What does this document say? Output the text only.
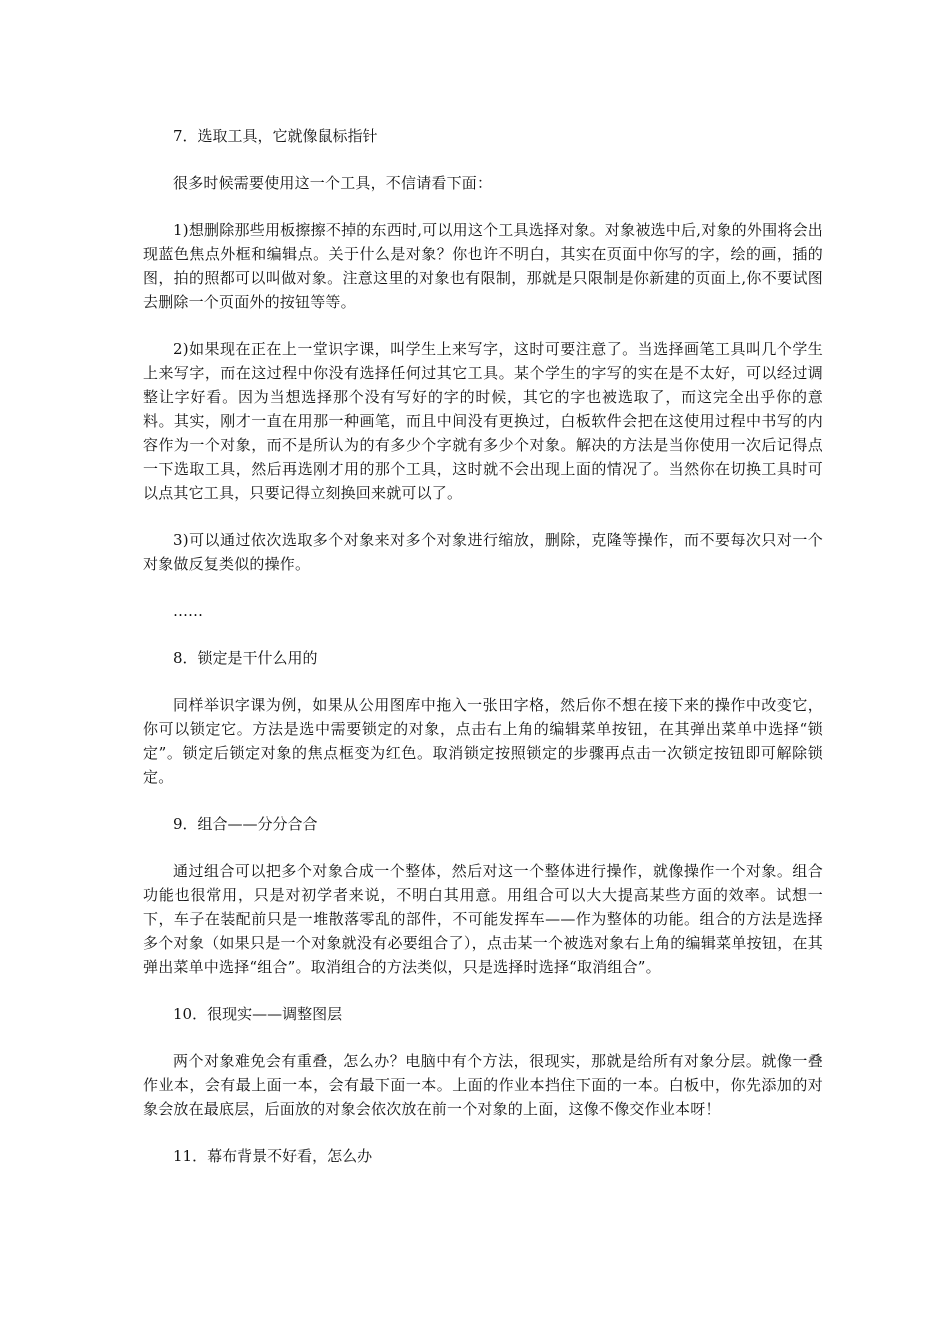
7．选取工具，它就像鼠标指针

很多时候需要使用这一个工具，不信请看下面：

1)想删除那些用板擦擦不掉的东西时,可以用这个工具选择对象。对象被选中后,对象的外围将会出现蓝色焦点外框和编辑点。关于什么是对象？你也许不明白，其实在页面中你写的字，绘的画，插的图，拍的照都可以叫做对象。注意这里的对象也有限制，那就是只限制是你新建的页面上,你不要试图去删除一个页面外的按钮等等。

2)如果现在正在上一堂识字课，叫学生上来写字，这时可要注意了。当选择画笔工具叫几个学生上来写字，而在这过程中你没有选择任何过其它工具。某个学生的字写的实在是不太好，可以经过调整让字好看。因为当想选择那个没有写好的字的时候，其它的字也被选取了，而这完全出乎你的意料。其实，刚才一直在用那一种画笔，而且中间没有更换过，白板软件会把在这使用过程中书写的内容作为一个对象，而不是所认为的有多少个字就有多少个对象。解决的方法是当你使用一次后记得点一下选取工具，然后再选刚才用的那个工具，这时就不会出现上面的情况了。当然你在切换工具时可以点其它工具，只要记得立刻换回来就可以了。

3)可以通过依次选取多个对象来对多个对象进行缩放，删除，克隆等操作，而不要每次只对一个对象做反复类似的操作。

……

8．锁定是干什么用的

同样举识字课为例，如果从公用图库中拖入一张田字格，然后你不想在接下来的操作中改变它，你可以锁定它。方法是选中需要锁定的对象，点击右上角的编辑菜单按钮，在其弹出菜单中选择“锁定”。锁定后锁定对象的焦点框变为红色。取消锁定按照锁定的步骤再点击一次锁定按钮即可解除锁定。

9．组合——分分合合

通过组合可以把多个对象合成一个整体，然后对这一个整体进行操作，就像操作一个对象。组合功能也很常用，只是对初学者来说，不明白其用意。用组合可以大大提高某些方面的效率。试想一下，车子在装配前只是一堆散落零乱的部件，不可能发挥车——作为整体的功能。组合的方法是选择多个对象（如果只是一个对象就没有必要组合了），点击某一个被选对象右上角的编辑菜单按钮，在其弹出菜单中选择“组合”。取消组合的方法类似，只是选择时选择“取消组合”。

10．很现实——调整图层

两个对象难免会有重叠，怎么办？电脑中有个方法，很现实，那就是给所有对象分层。就像一叠作业本，会有最上面一本，会有最下面一本。上面的作业本挡住下面的一本。白板中，你先添加的对象会放在最底层，后面放的对象会依次放在前一个对象的上面，这像不像交作业本呀！

11．幕布背景不好看，怎么办
